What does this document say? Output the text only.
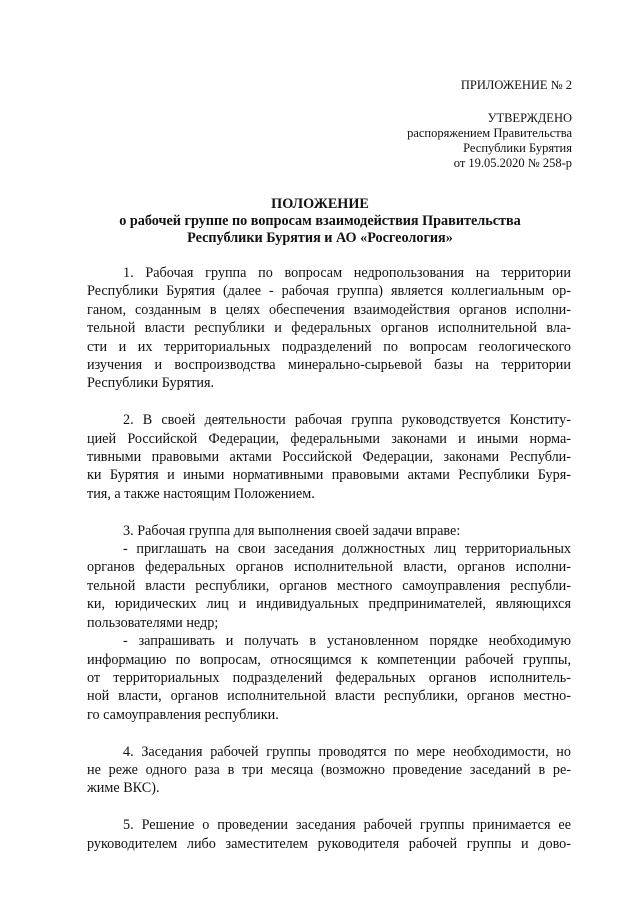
ПРИЛОЖЕНИЕ № 2
УТВЕРЖДЕНО
распоряжением Правительства
Республики Бурятия
от 19.05.2020 № 258-р
ПОЛОЖЕНИЕ
о рабочей группе по вопросам взаимодействия Правительства
Республики Бурятия и АО «Росгеология»
1. Рабочая группа по вопросам недропользования на территории
Республики Бурятия (далее - рабочая группа) является коллегиальным ор-
ганом, созданным в целях обеспечения взаимодействия органов исполни-
тельной власти республики и федеральных органов исполнительной вла-
сти и их территориальных подразделений по вопросам геологического
изучения и воспроизводства минерально-сырьевой базы на территории
Республики Бурятия.
2. В своей деятельности рабочая группа руководствуется Конститу-
цией Российской Федерации, федеральными законами и иными норма-
тивными правовыми актами Российской Федерации, законами Республи-
ки Бурятия и иными нормативными правовыми актами Республики Буря-
тия, а также настоящим Положением.
3. Рабочая группа для выполнения своей задачи вправе:
- приглашать на свои заседания должностных лиц территориальных
органов федеральных органов исполнительной власти, органов исполни-
тельной власти республики, органов местного самоуправления республи-
ки, юридических лиц и индивидуальных предпринимателей, являющихся
пользователями недр;
- запрашивать и получать в установленном порядке необходимую
информацию по вопросам, относящимся к компетенции рабочей группы,
от территориальных подразделений федеральных органов исполнитель-
ной власти, органов исполнительной власти республики, органов местно-
го самоуправления республики.
4. Заседания рабочей группы проводятся по мере необходимости, но
не реже одного раза в три месяца (возможно проведение заседаний в ре-
жиме ВКС).
5. Решение о проведении заседания рабочей группы принимается ее
руководителем либо заместителем руководителя рабочей группы и дово-
